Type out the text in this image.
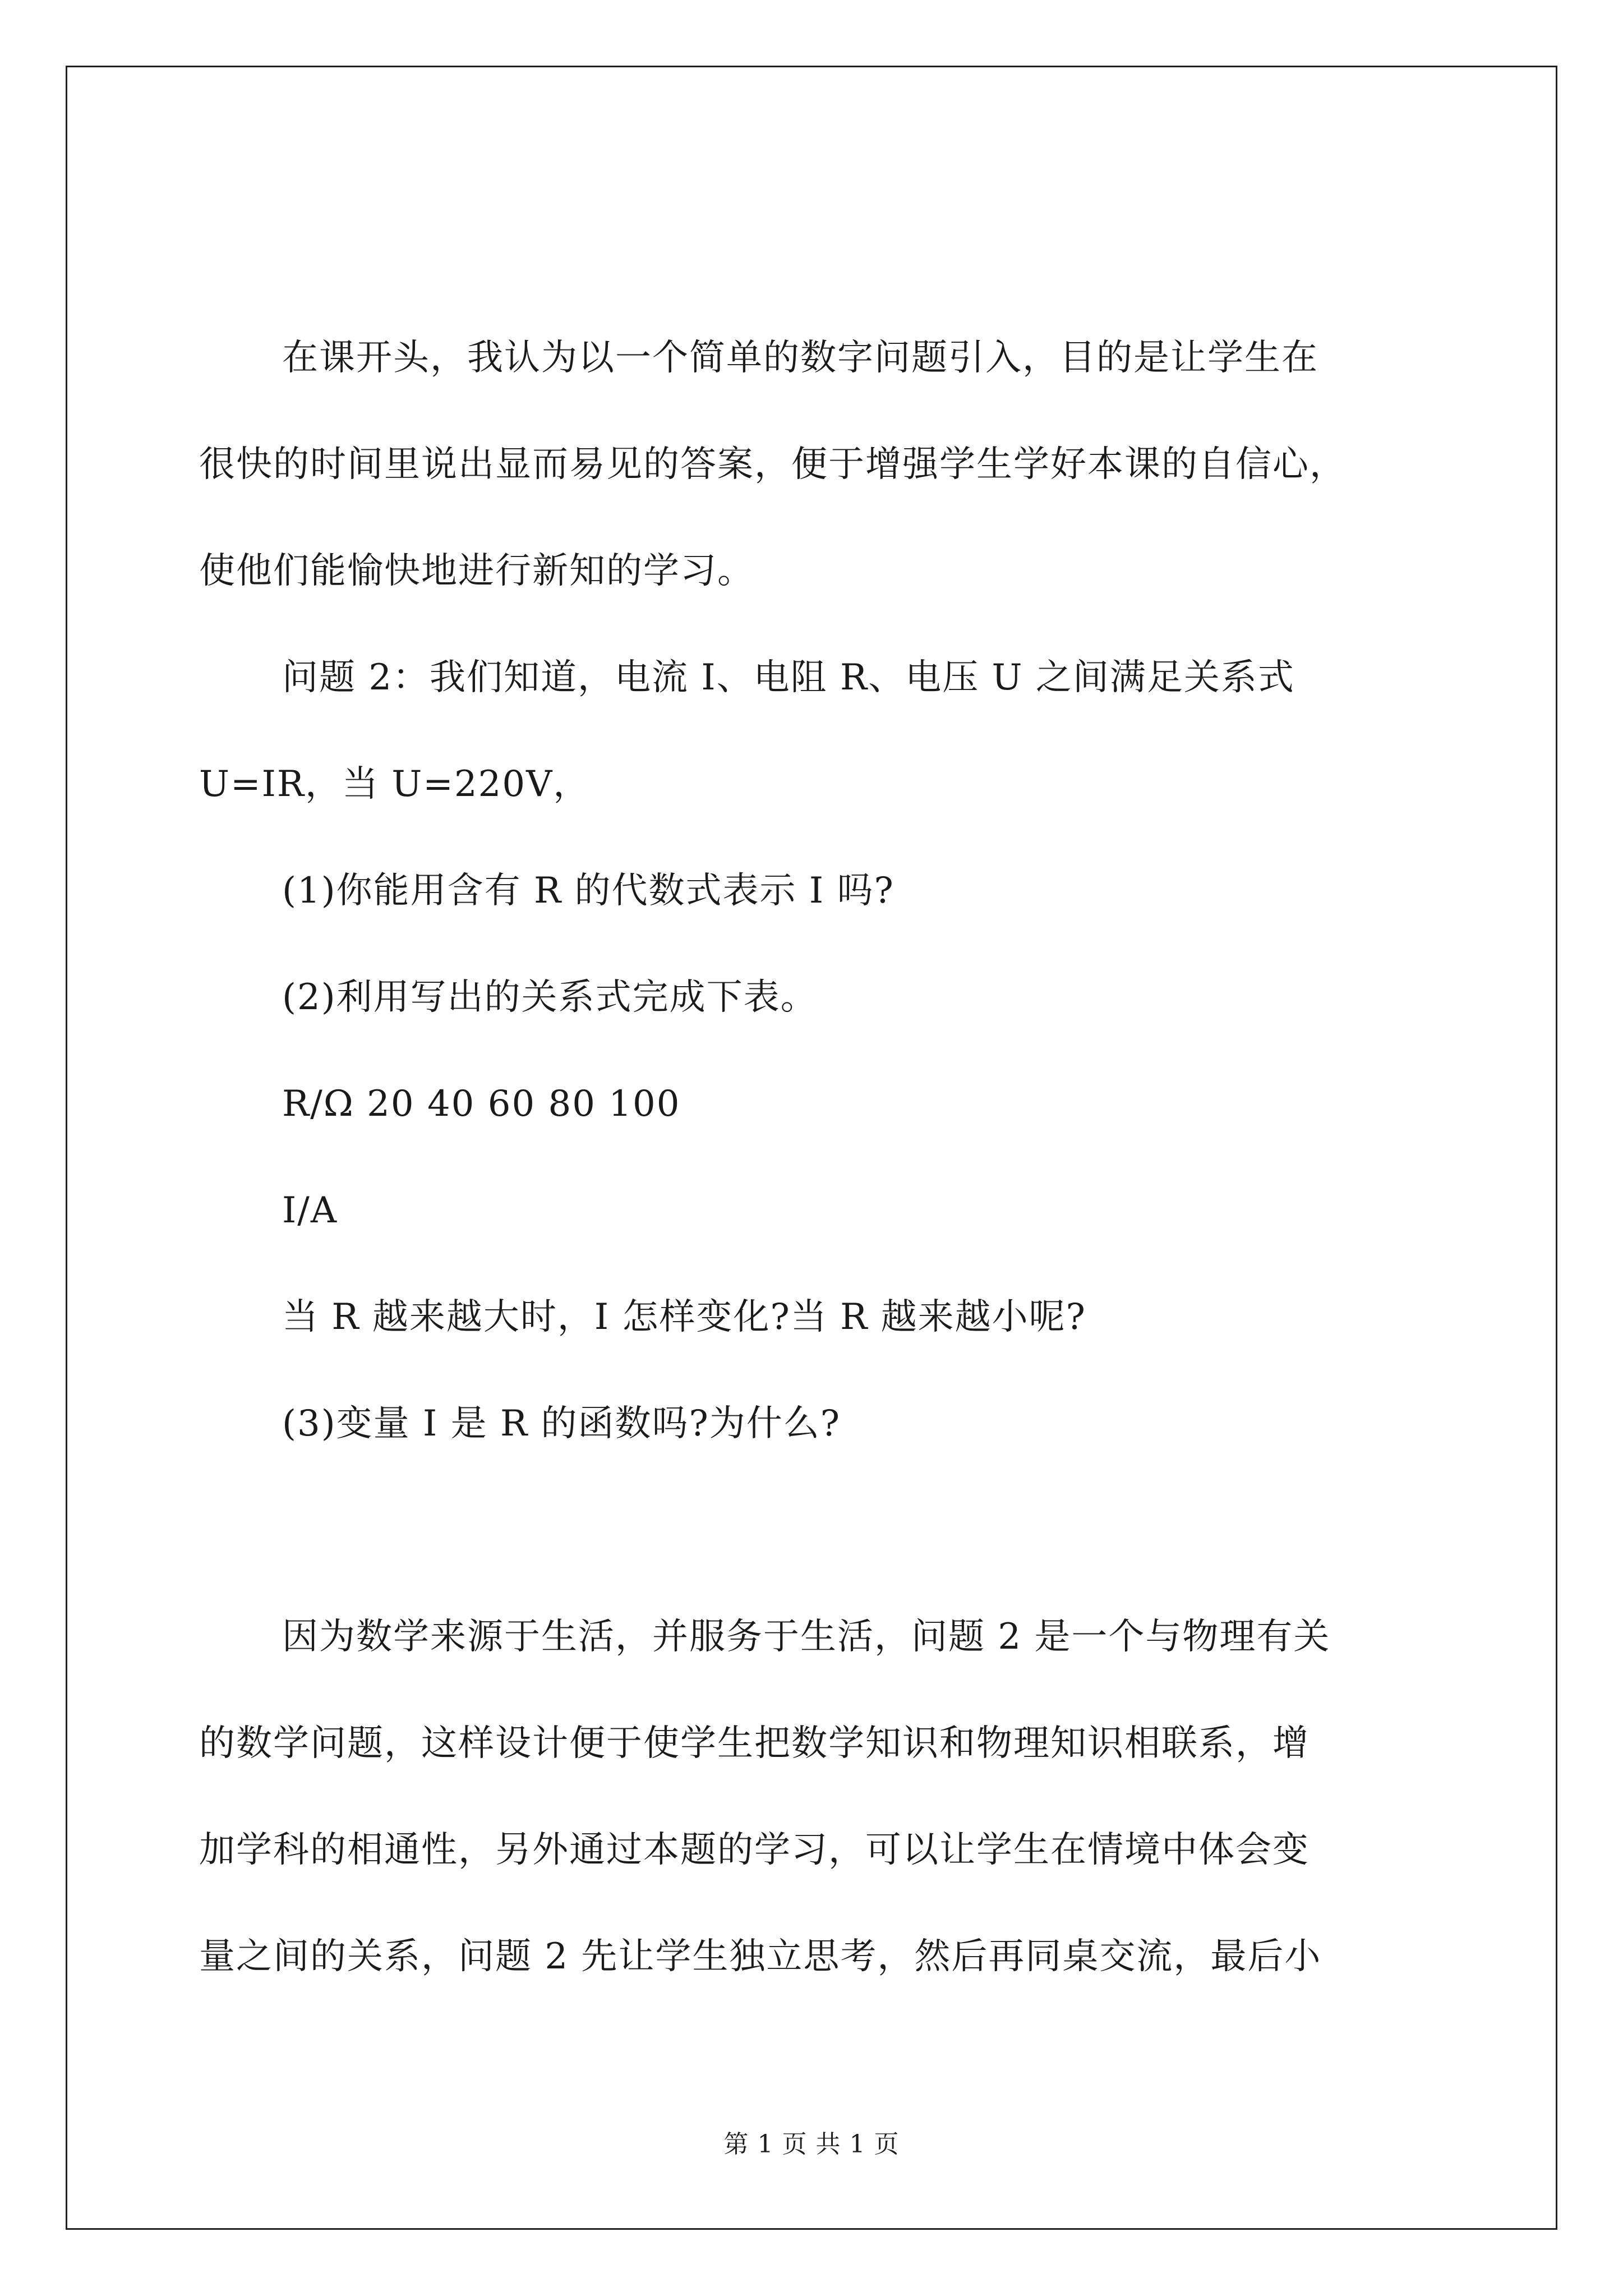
在课开头，我认为以一个简单的数字问题引入，目的是让学生在
很快的时间里说出显而易见的答案，便于增强学生学好本课的自信心，
使他们能愉快地进行新知的学习。
问题 2：我们知道，电流 I、电阻 R、电压 U 之间满足关系式
U=IR，当 U=220V，
(1)你能用含有 R 的代数式表示 I 吗?
(2)利用写出的关系式完成下表。
R/Ω 20 40 60 80 100
I/A
当 R 越来越大时，I 怎样变化?当 R 越来越小呢?
(3)变量 I 是 R 的函数吗?为什么?
因为数学来源于生活，并服务于生活，问题 2 是一个与物理有关
的数学问题，这样设计便于使学生把数学知识和物理知识相联系，增
加学科的相通性，另外通过本题的学习，可以让学生在情境中体会变
量之间的关系，问题 2 先让学生独立思考，然后再同桌交流，最后小
第 1 页 共 1 页
